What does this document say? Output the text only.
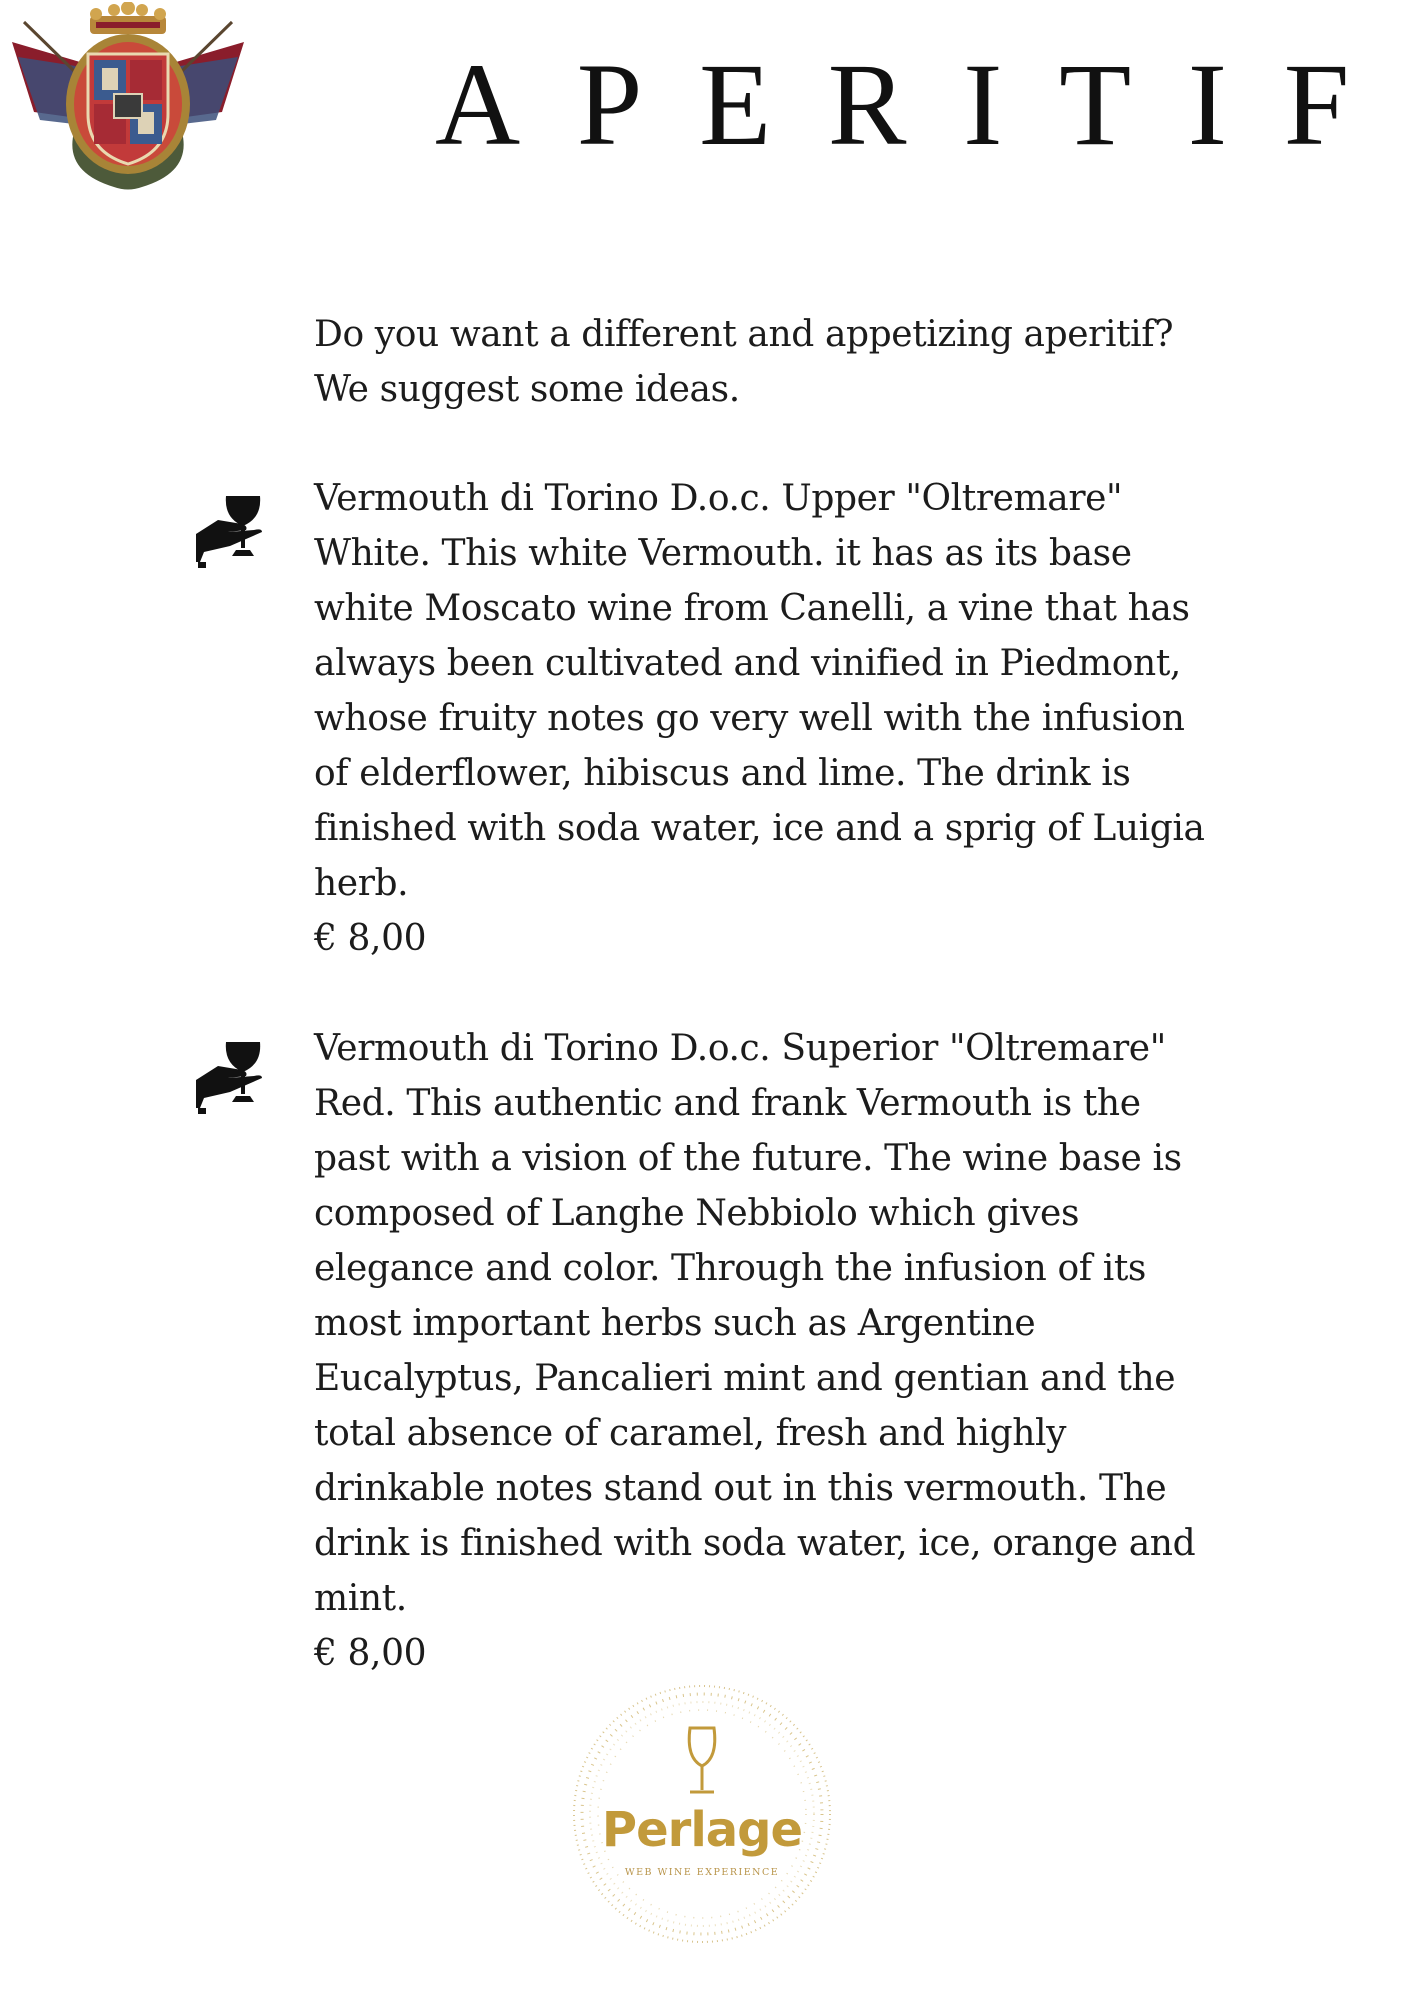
APERITIF

Do you want a different and appetizing aperitif?

We suggest some ideas.

Vermouth di Torino D.o.c. Upper "Oltremare"

White. This white Vermouth. it has as its base

white Moscato wine from Canelli, a vine that has

always been cultivated and vinified in Piedmont,

whose fruity notes go very well with the infusion

of elderflower, hibiscus and lime. The drink is

finished with soda water, ice and a sprig of Luigia

herb.

€ 8,00

Vermouth di Torino D.o.c. Superior "Oltremare"

Red. This authentic and frank Vermouth is the

past with a vision of the future. The wine base is

composed of Langhe Nebbiolo which gives

elegance and color. Through the infusion of its

most important herbs such as Argentine

Eucalyptus, Pancalieri mint and gentian and the

total absence of caramel, fresh and highly

drinkable notes stand out in this vermouth. The

drink is finished with soda water, ice, orange and

mint.

€ 8,00

Perlage
WEB WINE EXPERIENCE
